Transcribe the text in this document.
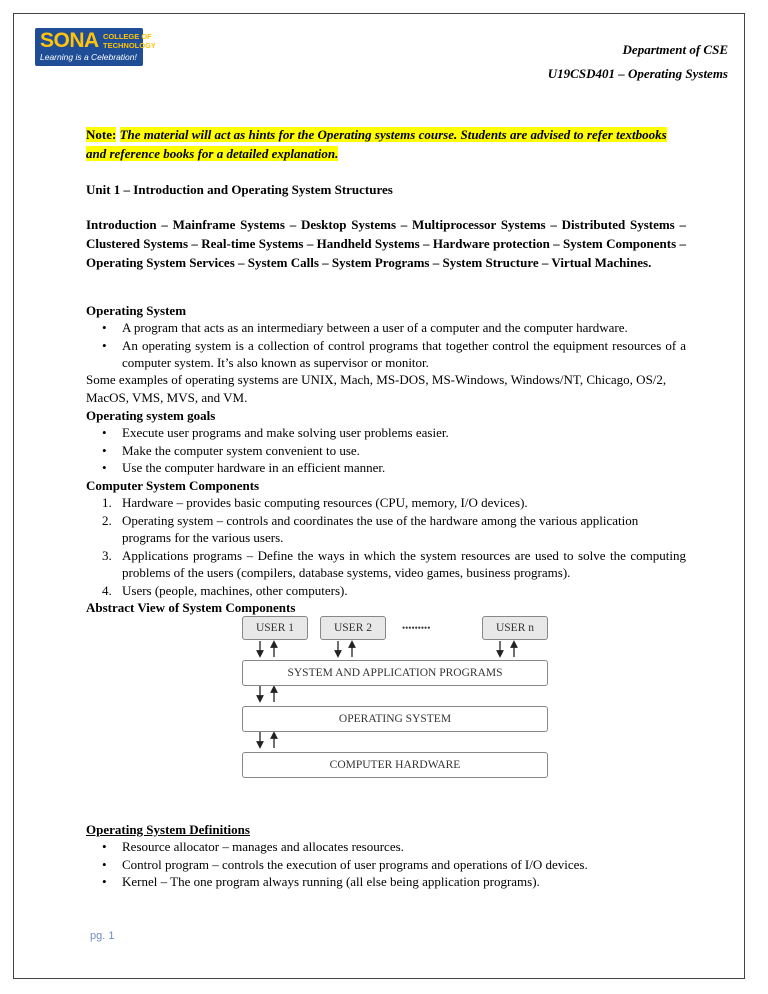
SONA COLLEGE OF
TECHNOLOGY
Learning is a Celebration!	Department of CSE
U19CSD401 – Operating Systems
Note: The material will act as hints for the Operating systems course. Students are advised to refer textbooks and reference books for a detailed explanation.
Unit 1 – Introduction and Operating System Structures
Introduction – Mainframe Systems – Desktop Systems – Multiprocessor Systems – Distributed Systems – Clustered Systems – Real-time Systems – Handheld Systems – Hardware protection – System Components – Operating System Services – System Calls – System Programs – System Structure – Virtual Machines.
Operating System
• A program that acts as an intermediary between a user of a computer and the computer hardware.
• An operating system is a collection of control programs that together control the equipment resources of a computer system. It’s also known as supervisor or monitor.
Some examples of operating systems are UNIX, Mach, MS-DOS, MS-Windows, Windows/NT, Chicago, OS/2, MacOS, VMS, MVS, and VM.
Operating system goals
• Execute user programs and make solving user problems easier.
• Make the computer system convenient to use.
• Use the computer hardware in an efficient manner.
Computer System Components
1. Hardware – provides basic computing resources (CPU, memory, I/O devices).
2. Operating system – controls and coordinates the use of the hardware among the various application programs for the various users.
3. Applications programs – Define the ways in which the system resources are used to solve the computing problems of the users (compilers, database systems, video games, business programs).
4. Users (people, machines, other computers).
Abstract View of System Components
USER 1	USER 2	•••••••••	USER n
SYSTEM AND APPLICATION PROGRAMS
OPERATING SYSTEM
COMPUTER HARDWARE
Operating System Definitions
• Resource allocator – manages and allocates resources.
• Control program – controls the execution of user programs and operations of I/O devices.
• Kernel – The one program always running (all else being application programs).
pg. 1
